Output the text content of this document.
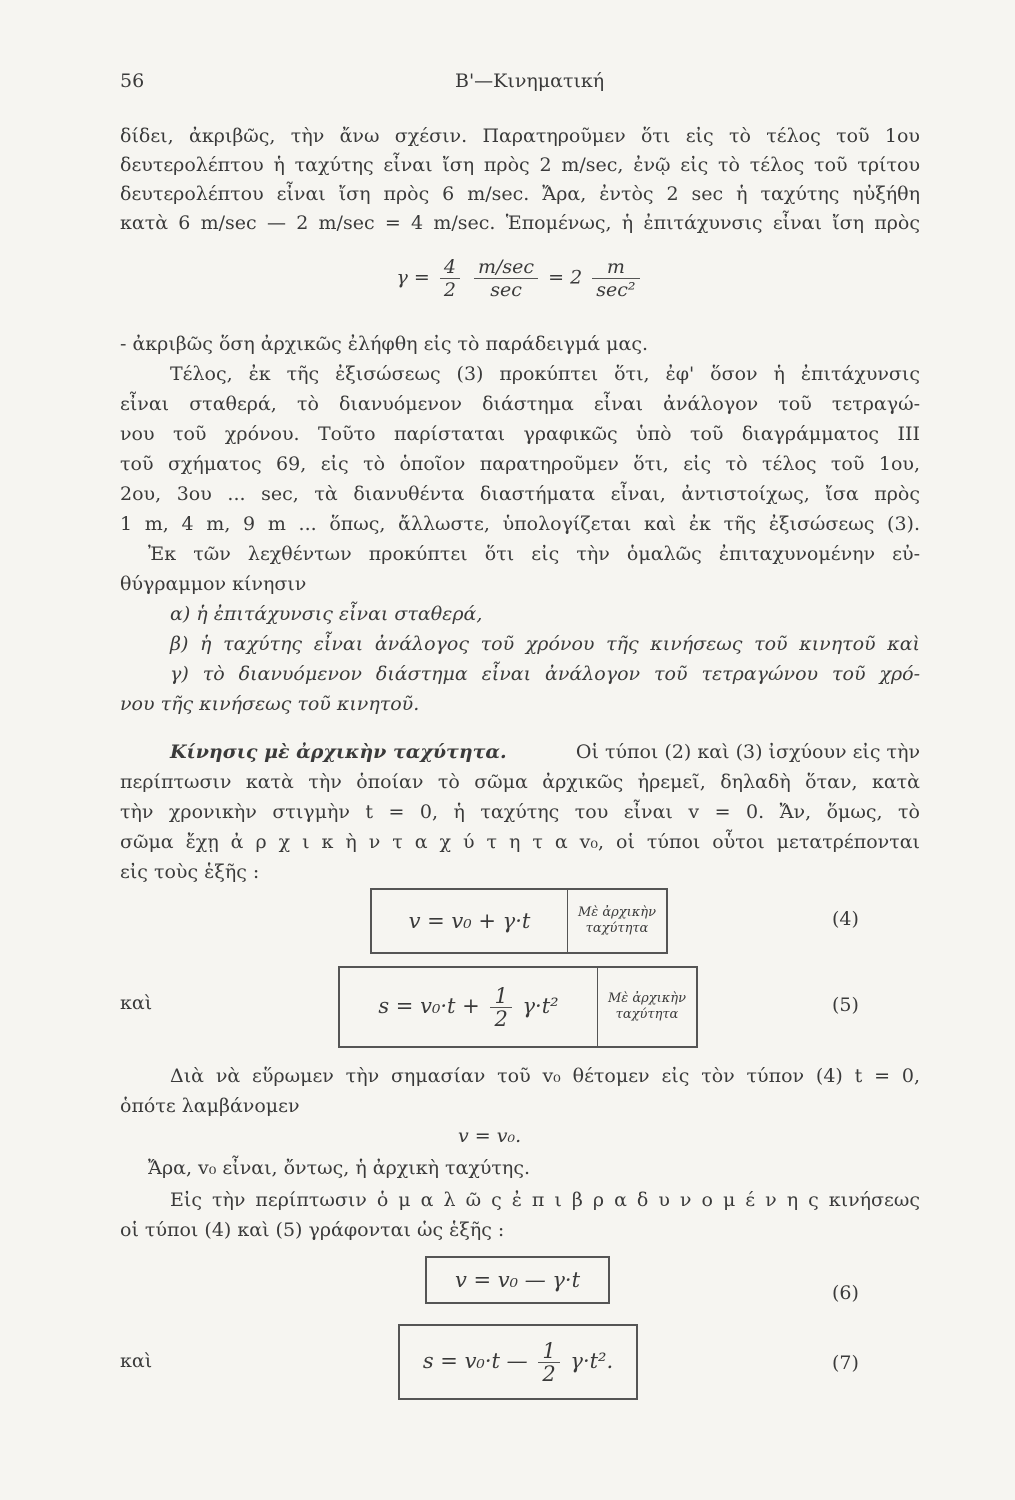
56	Β'—Κινηματική
δίδει, ἀκριβῶς, τὴν ἄνω σχέσιν. Παρατηροῦμεν ὅτι εἰς τὸ τέλος τοῦ 1ου
δευτερολέπτου ἡ ταχύτης εἶναι ἴση πρὸς 2 m/sec, ἐνῷ εἰς τὸ τέλος τοῦ τρίτου
δευτερολέπτου εἶναι ἴση πρὸς 6 m/sec. Ἄρα, ἐντὸς 2 sec ἡ ταχύτης ηὐξήθη
κατὰ 6 m/sec — 2 m/sec = 4 m/sec. Ἑπομένως, ἡ ἐπιτάχυνσις εἶναι ἴση πρὸς
$\gamma = \frac{4}{2}$
$\frac{m/\sec}{\sec} = 2 \frac{m}{\text{sec²}}$
- ἀκριβῶς ὅση ἀρχικῶς ἐλήφθη εἰς τὸ παράδειγμά μας.
Τέλος, ἐκ τῆς ἐξισώσεως (3) προκύπτει ὅτι, ἐφ' ὅσον ἡ ἐπιτάχυνσις
εἶναι σταθερά, τὸ διανυόμενον διάστημα εἶναι ἀνάλογον τοῦ τετραγώ-
νου τοῦ χρόνου. Τοῦτο παρίσταται γραφικῶς ὑπὸ τοῦ διαγράμματος III
τοῦ σχήματος 69, εἰς τὸ ὁποῖον παρατηροῦμεν ὅτι, εἰς τὸ τέλος τοῦ 1ου,
2ου, 3ου ... sec, τὰ διανυθέντα διαστήματα εἶναι, ἀντιστοίχως, ἴσα πρὸς
1 m, 4 m, 9 m ... ὅπως, ἄλλωστε, ὑπολογίζεται καὶ ἐκ τῆς ἐξισώσεως (3).
Ἐκ τῶν λεχθέντων προκύπτει ὅτι εἰς τὴν ὁμαλῶς ἐπιταχυνομένην εὐ-
θύγραμμον κίνησιν
α) ἡ ἐπιτάχυνσις εἶναι σταθερά,
β) ἡ ταχύτης εἶναι ἀνάλογος τοῦ χρόνου τῆς κινήσεως τοῦ κινητοῦ καὶ
γ) τὸ διανυόμενον διάστημα εἶναι ἀνάλογον τοῦ τετραγώνου τοῦ χρό-
νου τῆς κινήσεως τοῦ κινητοῦ.
Κίνησις μὲ ἀρχικὴν ταχύτητα.	Οἱ τύποι (2) καὶ (3) ἰσχύουν εἰς τὴν
περίπτωσιν κατὰ τὴν ὁποίαν τὸ σῶμα ἀρχικῶς ἠρεμεῖ, δηλαδὴ ὅταν, κατὰ
τὴν χρονικὴν στιγμὴν t = 0, ἡ ταχύτης του εἶναι v = 0. Ἄν, ὅμως, τὸ
σῶμα ἔχῃ ἀ ρ χ ι κ ὴ ν τ α χ ύ τ η τ α v₀, οἱ τύποι οὗτοι μετατρέπονται
εἰς τοὺς ἑξῆς :
v = v₀ + γ·t	Μὲ ἀρχικὴν
ταχύτητα	(4)
καὶ	$s = v_0\cdot t + \frac{1}{2} \gamma\cdot t^2$	Μὲ ἀρχικὴν
ταχύτητα	(5)
Διὰ νὰ εὕρωμεν τὴν σημασίαν τοῦ v₀ θέτομεν εἰς τὸν τύπον (4) t = 0,
ὁπότε λαμβάνομεν
v = v₀.
Ἄρα, v₀ εἶναι, ὄντως, ἡ ἀρχικὴ ταχύτης.
Εἰς τὴν περίπτωσιν ὁ μ α λ ῶ ς ἐ π ι β ρ α δ υ ν ο μ έ ν η ς κινήσεως
οἱ τύποι (4) καὶ (5) γράφονται ὡς ἑξῆς :
v = v₀ — γ·t
(6)
καὶ	s = v₀·t — $\frac{1}{2} \gamma\cdot t^2$.	(7)
